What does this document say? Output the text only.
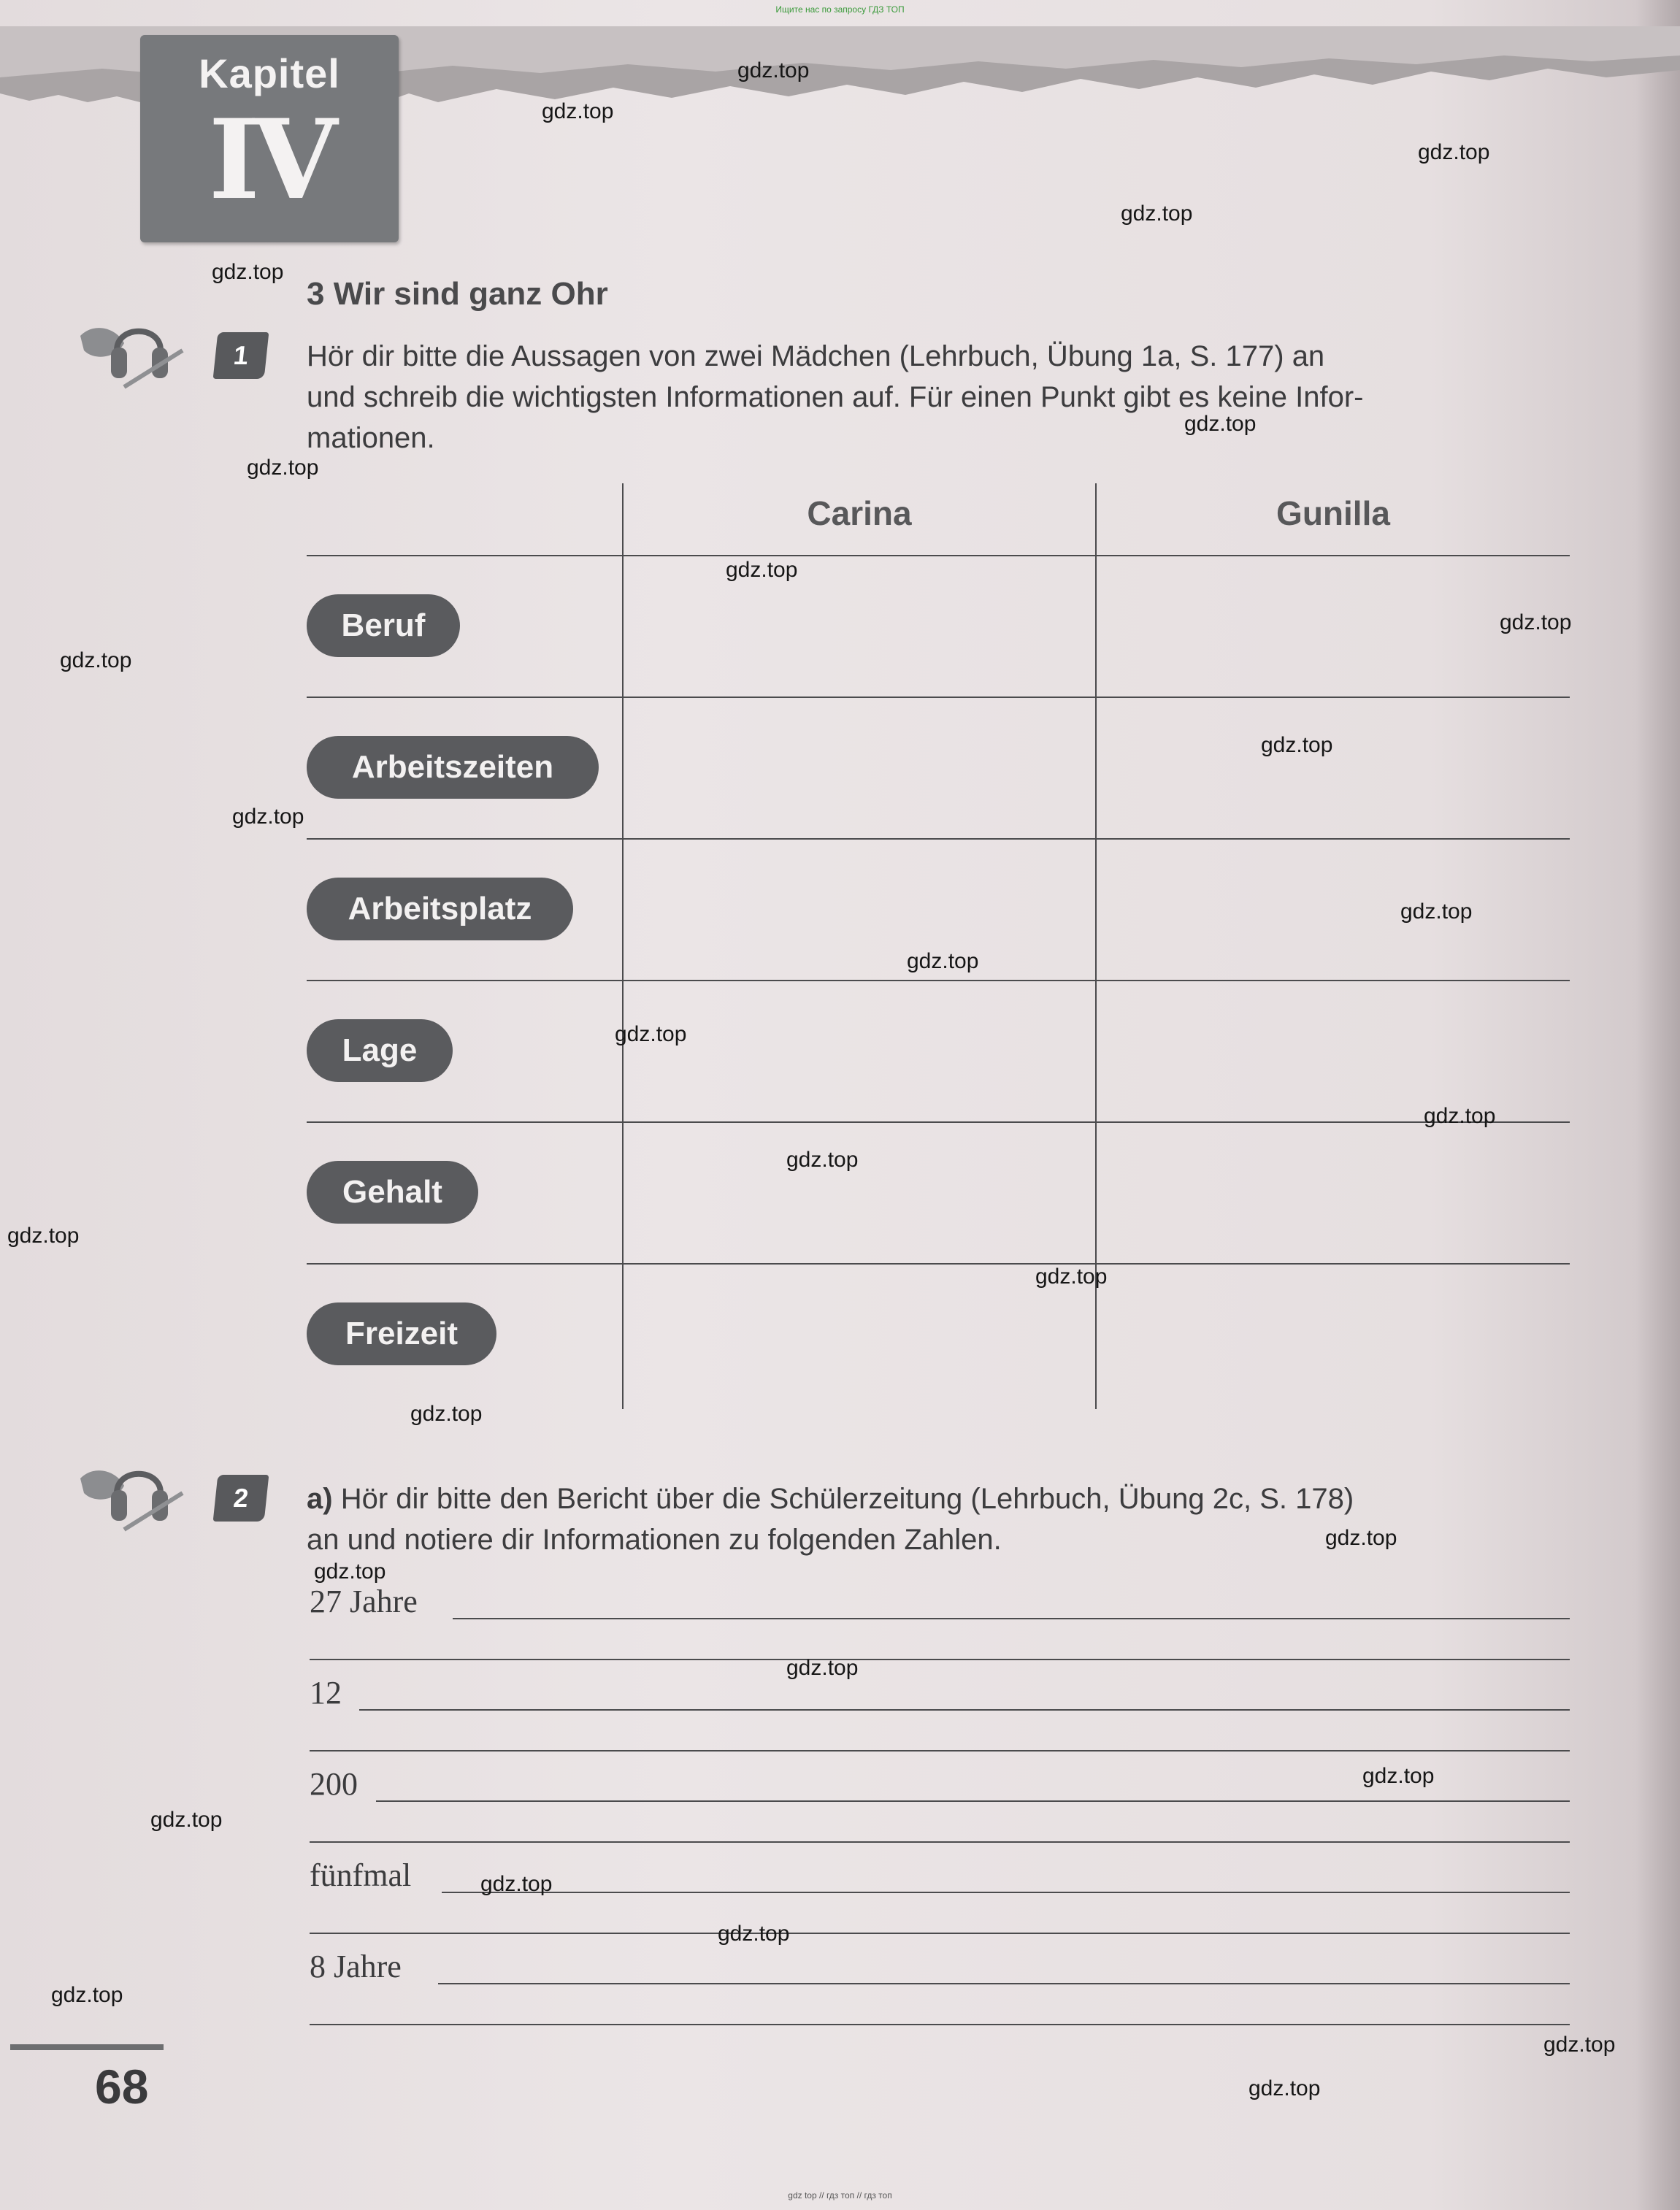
Ищите нас по запросу ГДЗ ТОП
Kapitel
IV
3 Wir sind ganz Ohr
1	Hör dir bitte die Aussagen von zwei Mädchen (Lehrbuch, Übung 1a, S. 177) an
und schreib die wichtigsten Informationen auf. Für einen Punkt gibt es keine Infor-
mationen.
Carina	Gunilla
Beruf
Arbeitszeiten
Arbeitsplatz
Lage
Gehalt
Freizeit
2	a) Hör dir bitte den Bericht über die Schülerzeitung (Lehrbuch, Übung 2c, S. 178)
an und notiere dir Informationen zu folgenden Zahlen.
27 Jahre
12
200
fünfmal
8 Jahre
68
gdz top // гдз топ // гдз топ
gdz.top
gdz.top
gdz.top
gdz.top
gdz.top
gdz.top
gdz.top
gdz.top
gdz.top
gdz.top
gdz.top
gdz.top
gdz.top
gdz.top
gdz.top
gdz.top
gdz.top
gdz.top
gdz.top
gdz.top
gdz.top
gdz.top
gdz.top
gdz.top
gdz.top
gdz.top
gdz.top
gdz.top
gdz.top
gdz.top
